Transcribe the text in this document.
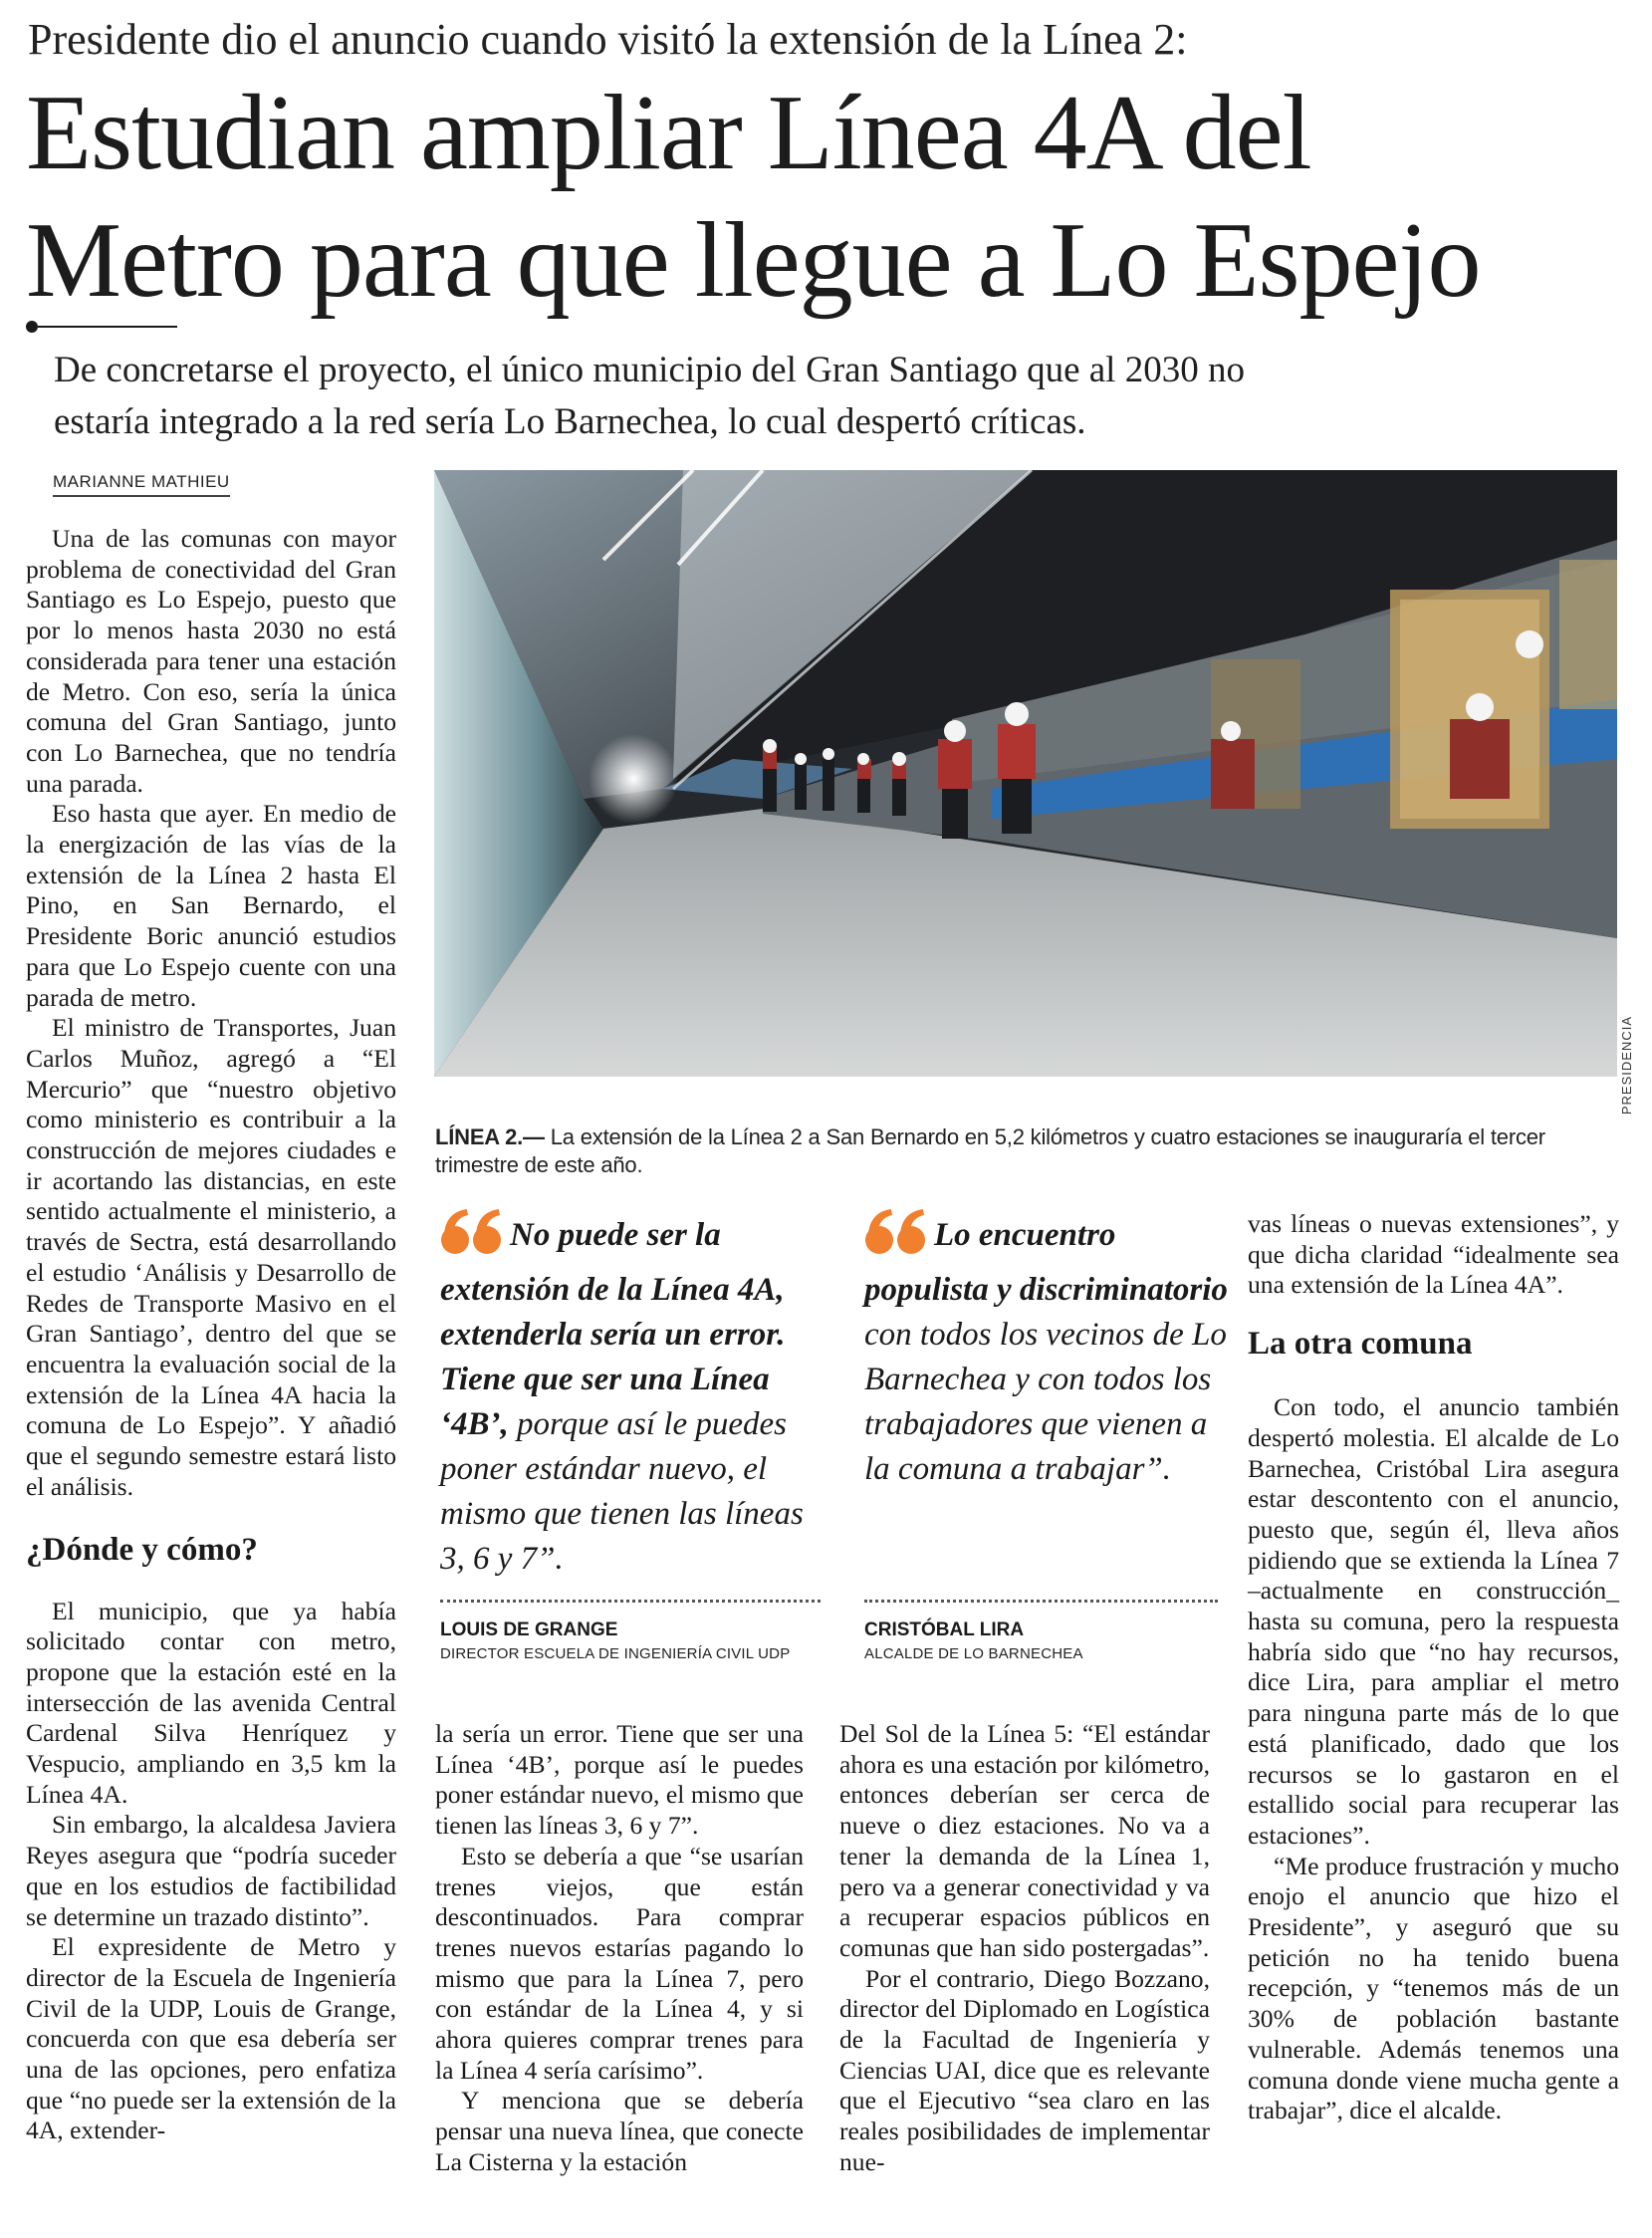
Presidente dio el anuncio cuando visitó la extensión de la Línea 2:
Estudian ampliar Línea 4A del
Metro para que llegue a Lo Espejo
De concretarse el proyecto, el único municipio del Gran Santiago que al 2030 no
estaría integrado a la red sería Lo Barnechea, lo cual despertó críticas.
MARIANNE MATHIEU

Una de las comunas con mayor problema de conectividad del Gran Santiago es Lo Espejo, puesto que por lo menos hasta 2030 no está considerada para tener una estación de Metro. Con eso, sería la única comuna del Gran Santiago, junto con Lo Barnechea, que no tendría una parada.

Eso hasta que ayer. En medio de la energización de las vías de la extensión de la Línea 2 hasta El Pino, en San Bernardo, el Presidente Boric anunció estudios para que Lo Espejo cuente con una parada de metro.

El ministro de Transportes, Juan Carlos Muñoz, agregó a “El Mercurio” que “nuestro objetivo como ministerio es contribuir a la construcción de mejores ciudades e ir acortando las distancias, en este sentido actualmente el ministerio, a través de Sectra, está desarrollando el estudio ‘Análisis y Desarrollo de Redes de Transporte Masivo en el Gran Santiago’, dentro del que se encuentra la evaluación social de la extensión de la Línea 4A hacia la comuna de Lo Espejo”. Y añadió que el segundo semestre estará listo el análisis.

¿Dónde y cómo?

El municipio, que ya había solicitado contar con metro, propone que la estación esté en la intersección de las avenida Central Cardenal Silva Henríquez y Vespucio, ampliando en 3,5 km la Línea 4A.

Sin embargo, la alcaldesa Javiera Reyes asegura que “podría suceder que en los estudios de factibilidad se determine un trazado distinto”.

El expresidente de Metro y director de la Escuela de Ingeniería Civil de la UDP, Louis de Grange, concuerda con que esa debería ser una de las opciones, pero enfatiza que “no puede ser la extensión de la 4A, extender-

PRESIDENCIA
LÍNEA 2.— La extensión de la Línea 2 a San Bernardo en 5,2 kilómetros y cuatro estaciones se inauguraría el tercer trimestre de este año.
No puede ser la extensión de la Línea 4A, extenderla sería un error. Tiene que ser una Línea ‘4B’, porque así le puedes poner estándar nuevo, el mismo que tienen las líneas 3, 6 y 7”.
LOUIS DE GRANGE
DIRECTOR ESCUELA DE INGENIERÍA CIVIL UDP
Lo encuentro populista y discriminatorio con todos los vecinos de Lo Barnechea y con todos los trabajadores que vienen a la comuna a trabajar”.
CRISTÓBAL LIRA
ALCALDE DE LO BARNECHEA

la sería un error. Tiene que ser una Línea ‘4B’, porque así le puedes poner estándar nuevo, el mismo que tienen las líneas 3, 6 y 7”.

Esto se debería a que “se usarían trenes viejos, que están descontinuados. Para comprar trenes nuevos estarías pagando lo mismo que para la Línea 7, pero con estándar de la Línea 4, y si ahora quieres comprar trenes para la Línea 4 sería carísimo”.

Y menciona que se debería pensar una nueva línea, que conecte La Cisterna y la estación

Del Sol de la Línea 5: “El estándar ahora es una estación por kilómetro, entonces deberían ser cerca de nueve o diez estaciones. No va a tener la demanda de la Línea 1, pero va a generar conectividad y va a recuperar espacios públicos en comunas que han sido postergadas”.

Por el contrario, Diego Bozzano, director del Diplomado en Logística de la Facultad de Ingeniería y Ciencias UAI, dice que es relevante que el Ejecutivo “sea claro en las reales posibilidades de implementar nue-

vas líneas o nuevas extensiones”, y que dicha claridad “idealmente sea una extensión de la Línea 4A”.

La otra comuna

Con todo, el anuncio también despertó molestia. El alcalde de Lo Barnechea, Cristóbal Lira asegura estar descontento con el anuncio, puesto que, según él, lleva años pidiendo que se extienda la Línea 7 –actualmente en construcción_ hasta su comuna, pero la respuesta habría sido que “no hay recursos, dice Lira, para ampliar el metro para ninguna parte más de lo que está planificado, dado que los recursos se lo gastaron en el estallido social para recuperar las estaciones”.

“Me produce frustración y mucho enojo el anuncio que hizo el Presidente”, y aseguró que su petición no ha tenido buena recepción, y “tenemos más de un 30% de población bastante vulnerable. Además tenemos una comuna donde viene mucha gente a trabajar”, dice el alcalde.
